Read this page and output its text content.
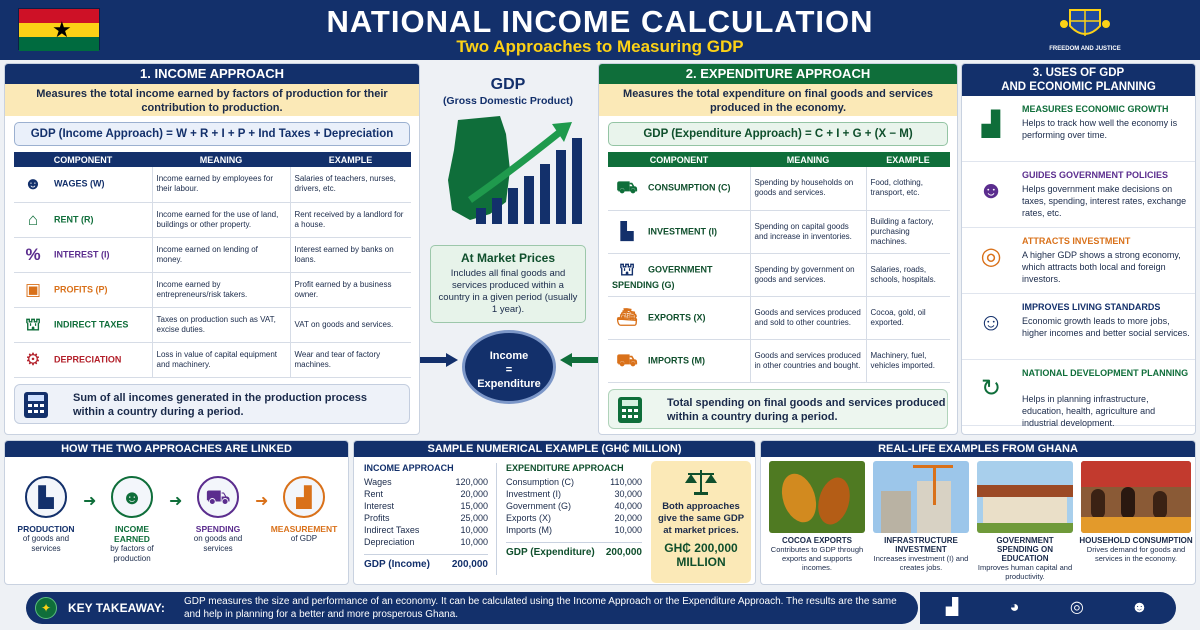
★	NATIONAL INCOME CALCULATION
Two Approaches to Measuring GDP	FREEDOM AND JUSTICE
1. INCOME APPROACH
Measures the total income earned by factors of production for their contribution to production.
GDP (Income Approach) = W + R + I + P + Ind Taxes + Depreciation
COMPONENT	MEANING	EXAMPLE
☻ WAGES (W)	Income earned by employees for their labour.	Salaries of teachers, nurses, drivers, etc.
⌂ RENT (R)	Income earned for the use of land, buildings or other property.	Rent received by a landlord for a house.
% INTEREST (I)	Income earned on lending of money.	Interest earned by banks on loans.
▣ PROFITS (P)	Income earned by entrepreneurs/risk takers.	Profit earned by a business owner.
⛫ INDIRECT TAXES	Taxes on production such as VAT, excise duties.	VAT on goods and services.
⚙ DEPRECIATION	Loss in value of capital equipment and machinery.	Wear and tear of factory machines.
Sum of all incomes generated in the production process within a country during a period.
GDP
(Gross Domestic Product)
At Market Prices
Includes all final goods and services produced within a country in a given period (usually 1 year).
Income
=
Expenditure
2. EXPENDITURE APPROACH
Measures the total expenditure on final goods and services produced in the economy.
GDP (Expenditure Approach) = C + I + G + (X − M)
COMPONENT	MEANING	EXAMPLE
⛟ CONSUMPTION (C)	Spending by households on goods and services.	Food, clothing, transport, etc.
▙ INVESTMENT (I)	Spending on capital goods and increase in inventories.	Building a factory, purchasing machines.
⛫ GOVERNMENT SPENDING (G)	Spending by government on goods and services.	Salaries, roads, schools, hospitals.
⛴ EXPORTS (X)	Goods and services produced and sold to other countries.	Cocoa, gold, oil exported.
⛟ IMPORTS (M)	Goods and services produced in other countries and bought.	Machinery, fuel, vehicles imported.
Total spending on final goods and services produced within a country during a period.
3. USES OF GDP
AND ECONOMIC PLANNING
▟
MEASURES ECONOMIC GROWTH
Helps to track how well the economy is performing over time.
☻
GUIDES GOVERNMENT POLICIES
Helps government make decisions on taxes, spending, interest rates, exchange rates, etc.
◎
ATTRACTS INVESTMENT
A higher GDP shows a strong economy, which attracts both local and foreign investors.
☺
IMPROVES LIVING STANDARDS
Economic growth leads to more jobs, higher incomes and better social services.
↻
NATIONAL DEVELOPMENT PLANNING
Helps in planning infrastructure, education, health, agriculture and industrial development.
HOW THE TWO APPROACHES ARE LINKED
▙
PRODUCTION
of goods and services
➜	☻
INCOME EARNED
by factors of production
➜	⛟
SPENDING
on goods and services
➜	▟
MEASUREMENT
of GDP
SAMPLE NUMERICAL EXAMPLE (GH₵ MILLION)
INCOME APPROACH
Wages	120,000
Rent	20,000
Interest	15,000
Profits	25,000
Indirect Taxes	10,000
Depreciation	10,000
GDP (Income) 200,000
EXPENDITURE APPROACH
Consumption (C)	110,000
Investment (I)	30,000
Government (G)	40,000
Exports (X)	20,000
Imports (M)	10,000
GDP (Expenditure) 200,000
Both approaches give the same GDP at market prices.
GH₵ 200,000
MILLION
REAL-LIFE EXAMPLES FROM GHANA
COCOA EXPORTS
Contributes to GDP through exports and supports incomes.
INFRASTRUCTURE INVESTMENT
Increases investment (I) and creates jobs.
GOVERNMENT SPENDING ON EDUCATION
Improves human capital and productivity.
HOUSEHOLD CONSUMPTION
Drives demand for goods and services in the economy.
✦	KEY TAKEAWAY: GDP measures the size and performance of an economy. It can be calculated using the Income Approach or the Expenditure Approach. The results are the same and help in planning for a better and more prosperous Ghana.	▟	◕	◎	☻
